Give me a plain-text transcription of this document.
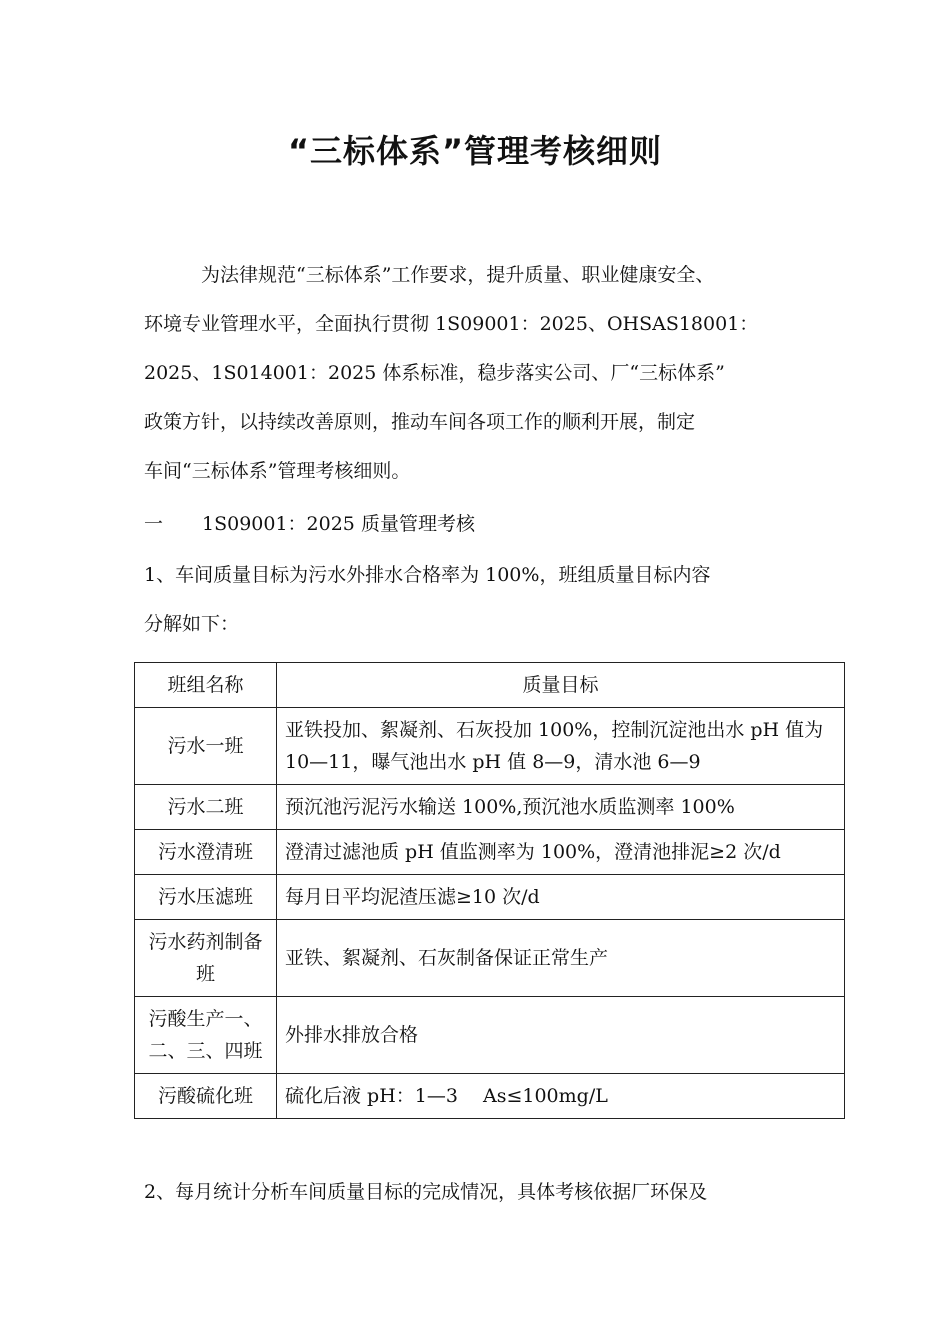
“三标体系”管理考核细则
为法律规范“三标体系”工作要求，提升质量、职业健康安全、
环境专业管理水平，全面执行贯彻 1S09001：2025、OHSAS18001：
2025、1S014001：2025 体系标准，稳步落实公司、厂“三标体系”
政策方针，以持续改善原则，推动车间各项工作的顺利开展，制定
车间“三标体系”管理考核细则。
一 1S09001：2025 质量管理考核
1、车间质量目标为污水外排水合格率为 100%，班组质量目标内容
分解如下：
班组名称	质量目标
污水一班	亚铁投加、絮凝剂、石灰投加 100%，控制沉淀池出水 pH 值为 10—11，曝气池出水 pH 值 8—9，清水池 6—9
污水二班	预沉池污泥污水输送 100%,预沉池水质监测率 100%
污水澄清班	澄清过滤池质 pH 值监测率为 100%，澄清池排泥≥2 次/d
污水压滤班	每月日平均泥渣压滤≥10 次/d
污水药剂制备班	亚铁、絮凝剂、石灰制备保证正常生产
污酸生产一、二、三、四班	外排水排放合格
污酸硫化班	硫化后液 pH：1—3　 As≤100mg/L
2、每月统计分析车间质量目标的完成情况，具体考核依据厂环保及
